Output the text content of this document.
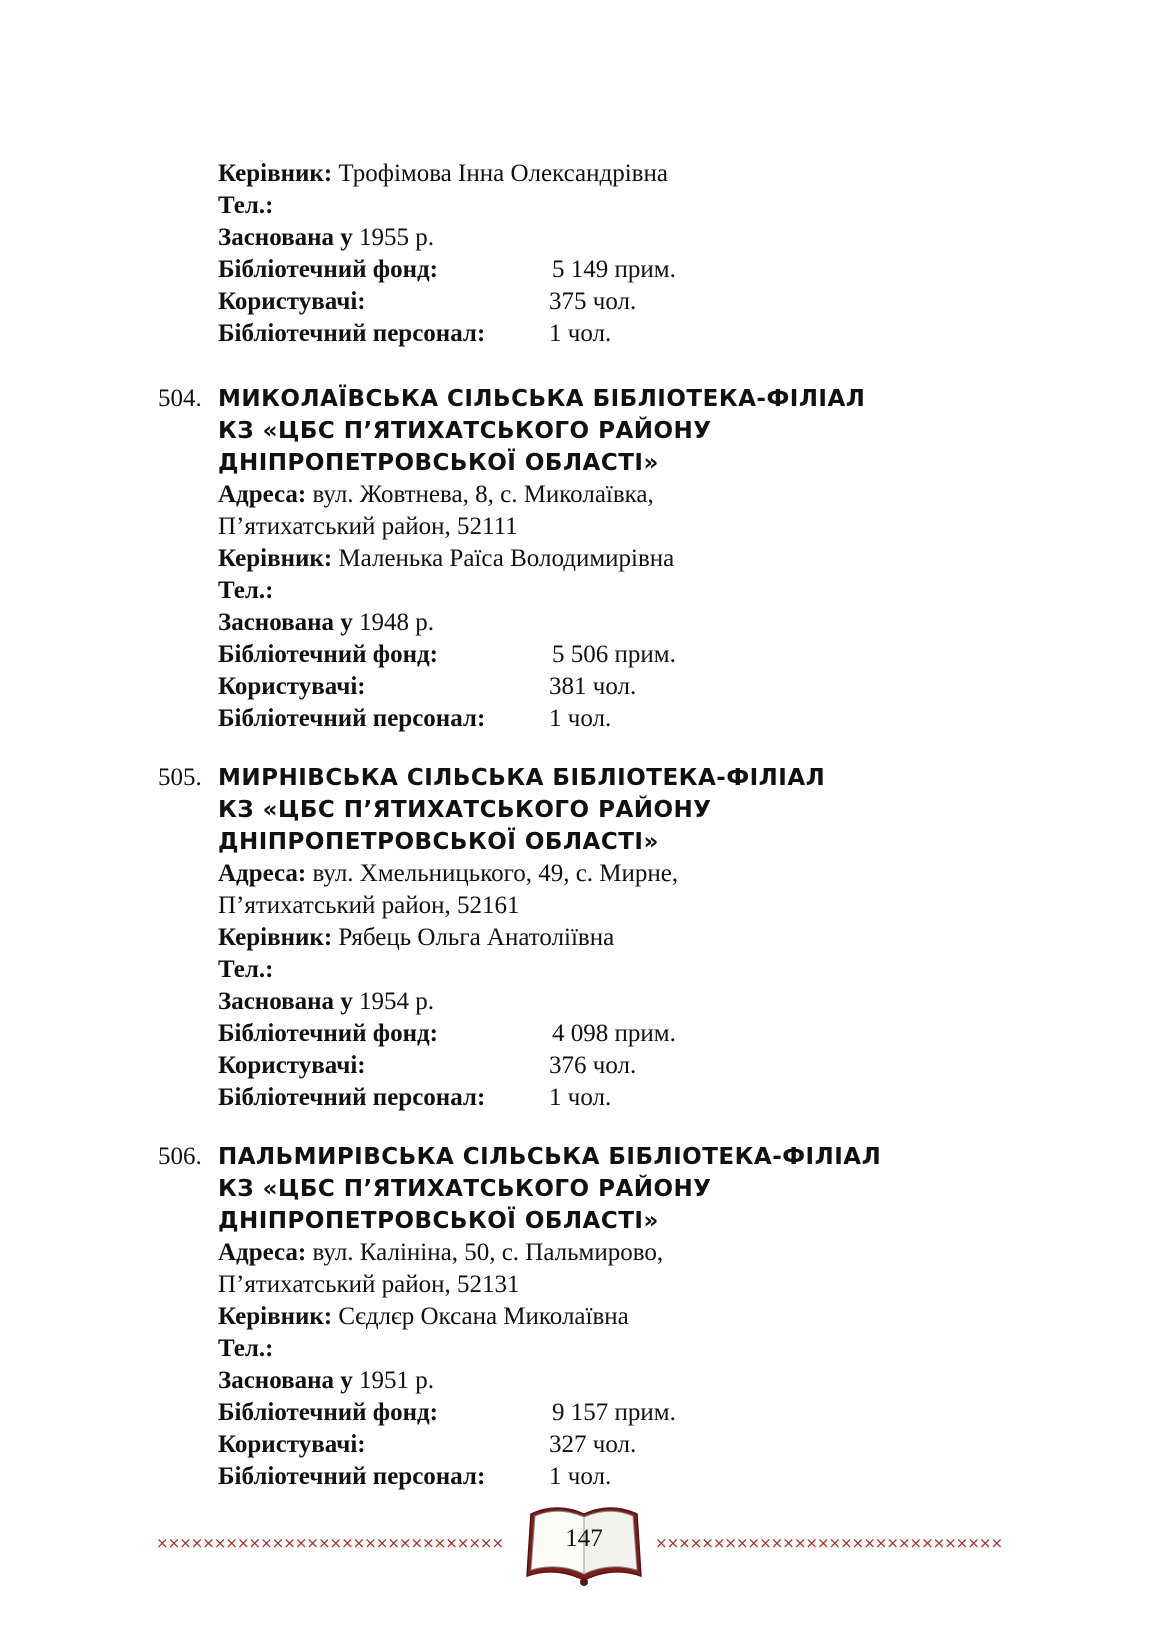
Керівник: Трофімова Інна Олександрівна
Тел.:
Заснована у 1955 р.
Бібліотечний фонд:	5 149 прим.
Користувачі:	375 чол.
Бібліотечний персонал:	1 чол.
504. МИКОЛАЇВСЬКА СІЛЬСЬКА БІБЛІОТЕКА-ФІЛІАЛ
КЗ «ЦБС П’ЯТИХАТСЬКОГО РАЙОНУ
ДНІПРОПЕТРОВСЬКОЇ ОБЛАСТІ»
Адреса: вул. Жовтнева, 8, с. Миколаївка,
П’ятихатський район, 52111
Керівник: Маленька Раїса Володимирівна
Тел.:
Заснована у 1948 р.
Бібліотечний фонд:	5 506 прим.
Користувачі:	381 чол.
Бібліотечний персонал:	1 чол.
505. МИРНІВСЬКА СІЛЬСЬКА БІБЛІОТЕКА-ФІЛІАЛ
КЗ «ЦБС П’ЯТИХАТСЬКОГО РАЙОНУ
ДНІПРОПЕТРОВСЬКОЇ ОБЛАСТІ»
Адреса: вул. Хмельницького, 49, с. Мирне,
П’ятихатський район, 52161
Керівник: Рябець Ольга Анатоліївна
Тел.:
Заснована у 1954 р.
Бібліотечний фонд:	4 098 прим.
Користувачі:	376 чол.
Бібліотечний персонал:	1 чол.
506. ПАЛЬМИРІВСЬКА СІЛЬСЬКА БІБЛІОТЕКА-ФІЛІАЛ
КЗ «ЦБС П’ЯТИХАТСЬКОГО РАЙОНУ
ДНІПРОПЕТРОВСЬКОЇ ОБЛАСТІ»
Адреса: вул. Калініна, 50, с. Пальмирово,
П’ятихатський район, 52131
Керівник: Сєдлєр Оксана Миколаївна
Тел.:
Заснована у 1951 р.
Бібліотечний фонд:	9 157 прим.
Користувачі:	327 чол.
Бібліотечний персонал:	1 чол.
××××××××××××××××××××××××××××××	××××××××××××××××××××××××××××××
147
